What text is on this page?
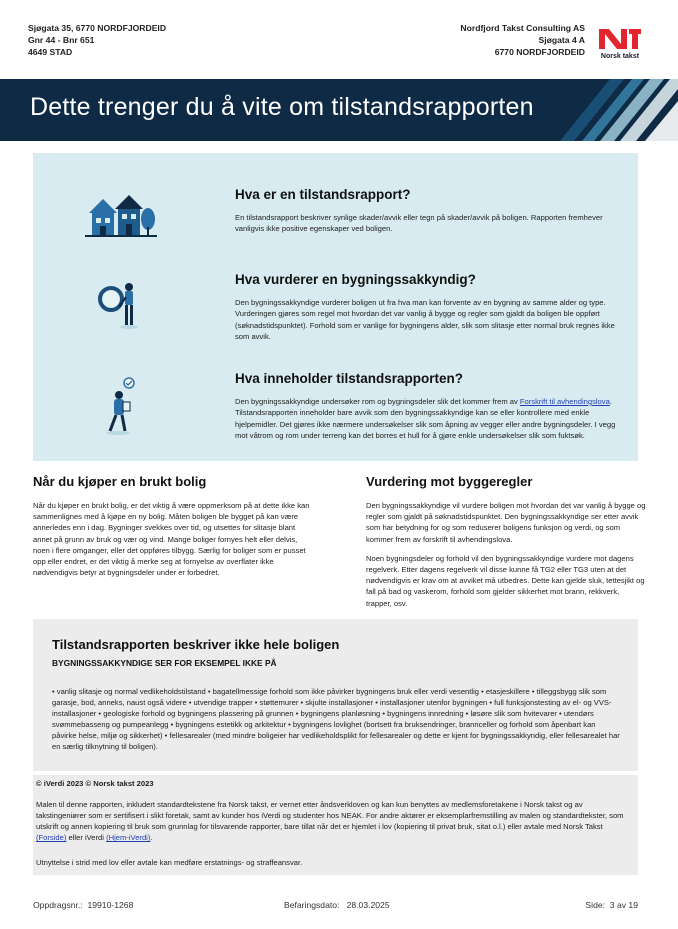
Sjøgata 35, 6770 NORDFJORDEID
Gnr 44 - Bnr 651
4649 STAD
Nordfjord Takst Consulting AS
Sjøgata 4 A
6770 NORDFJORDEID	Norsk takst
Dette trenger du å vite om tilstandsrapporten
Hva er en tilstandsrapport?

En tilstandsrapport beskriver synlige skader/avvik eller tegn på skader/avvik på boligen. Rapporten fremhever vanligvis ikke positive egenskaper ved boligen.

Hva vurderer en bygningssakkyndig?

Den bygningssakkyndige vurderer boligen ut fra hva man kan forvente av en bygning av samme alder og type. Vurderingen gjøres som regel mot hvordan det var vanlig å bygge og regler som gjaldt da boligen ble oppført (søknadstidspunktet). Forhold som er vanlige for bygningens alder, slik som slitasje etter normal bruk regnes ikke som avvik.

Hva inneholder tilstandsrapporten?

Den bygningssakkyndige undersøker rom og bygningsdeler slik det kommer frem av Forskrift til avhendingslova. Tilstandsrapporten inneholder bare avvik som den bygningssakkyndige kan se eller kontrollere med enkle hjelpemidler. Det gjøres ikke nærmere undersøkelser slik som åpning av vegger eller andre bygningsdeler. I vegg mot våtrom og rom under terreng kan det borres et hull for å gjøre enkle undersøkelser slik som fuktsøk.

Når du kjøper en brukt bolig

Når du kjøper en brukt bolig, er det viktig å være oppmerksom på at dette ikke kan sammenlignes med å kjøpe en ny bolig. Måten boligen ble bygget på kan være annerledes enn i dag. Bygninger svekkes over tid, og utsettes for slitasje blant annet på grunn av bruk og vær og vind. Mange boliger fornyes helt eller delvis, noen i flere omganger, eller det oppføres tilbygg. Særlig for boliger som er pusset opp eller endret, er det viktig å merke seg at fornyelse av overflater ikke nødvendigvis betyr at bygningsdeler under er forbedret.

Vurdering mot byggeregler

Den bygningssakkyndige vil vurdere boligen mot hvordan det var vanlig å bygge og regler som gjaldt på søknadstidspunktet. Den bygningssakkyndige ser etter avvik som har betydning for og som reduserer boligens funksjon og verdi, og som kommer frem av forskrift til avhendingslova.

Noen bygningsdeler og forhold vil den bygningssakkyndige vurdere mot dagens regelverk. Etter dagens regelverk vil disse kunne få TG2 eller TG3 uten at det nødvendigvis er krav om at avviket må utbedres. Dette kan gjelde sluk, tettesjikt og fall på bad og vaskerom, forhold som gjelder sikkerhet mot brann, rekkverk, trapper, osv.

Tilstandsrapporten beskriver ikke hele boligen
BYGNINGSSAKKYNDIGE SER FOR EKSEMPEL IKKE PÅ
• vanlig slitasje og normal vedlikeholdstilstand • bagatellmessige forhold som ikke påvirker bygningens bruk eller verdi vesentlig • etasjeskillere • tilleggsbygg slik som garasje, bod, anneks, naust også videre • utvendige trapper • støttemurer • skjulte installasjoner • installasjoner utenfor bygningen • full funksjonstesting av el- og VVS-installasjoner • geologiske forhold og bygningens plassering på grunnen • bygningens planløsning • bygningens innredning • løsøre slik som hvitevarer • utendørs svømmebasseng og pumpeanlegg • bygningens estetikk og arkitektur • bygningens lovlighet (bortsett fra bruksendringer, brannceller og forhold som åpenbart kan påvirke helse, miljø og sikkerhet) • fellesarealer (med mindre boligeier har vedlikeholdsplikt for fellesarealer og dette er kjent for bygningssakkyndig, eller fellesarealet har en særlig tilknytning til boligen).
© iVerdi 2023 © Norsk takst 2023

Malen til denne rapporten, inkludert standardtekstene fra Norsk takst, er vernet etter åndsverkloven og kan kun benyttes av medlemsforetakene i Norsk takst og av takstingeniører som er sertifisert i slikt foretak, samt av kunder hos iVerdi og studenter hos NEAK. For andre aktører er eksemplarfremstilling av malen og standardtekster, som utskrift og annen kopiering til bruk som grunnlag for tilsvarende rapporter, bare tillat når det er hjemlet i lov (kopiering til privat bruk, sitat o.l.) eller avtale med Norsk Takst (Forside) eller iVerdi (Hjem-iVerdi).

Utnyttelse i strid med lov eller avtale kan medføre erstatnings- og straffeansvar.

Oppdragsnr.: 19910-1268	Befaringsdato: 28.03.2025	Side: 3 av 19
